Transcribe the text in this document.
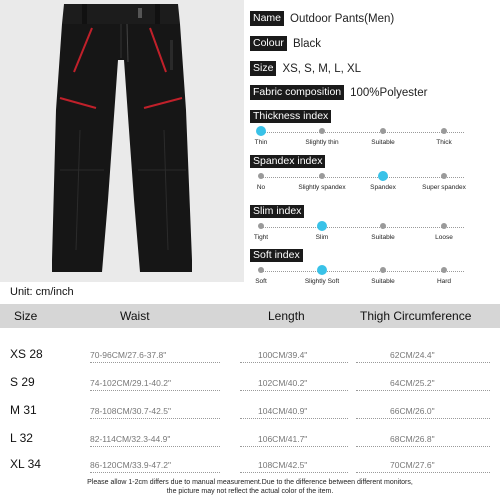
Name Outdoor Pants(Men)
Colour Black
Size XS, S, M, L, XL
Fabric composition 100%Polyester
Thickness index
Thin	Slightly thin	Suitable	Thick
Spandex index
No	Slightly spandex	Spandex	Super spandex
Slim index
Tight	Slim	Suitable	Loose
Soft index
Soft	Slightly Soft	Suitable	Hard
Unit: cm/inch
Size	Waist	Length	Thigh Circumference
XS 28	70-96CM/27.6-37.8"	100CM/39.4"	62CM/24.4"
S 29	74-102CM/29.1-40.2"	102CM/40.2"	64CM/25.2"
M 31	78-108CM/30.7-42.5"	104CM/40.9"	66CM/26.0"
L 32	82-114CM/32.3-44.9"	106CM/41.7"	68CM/26.8"
XL 34	86-120CM/33.9-47.2"	108CM/42.5"	70CM/27.6"
Please allow 1-2cm differs due to manual measurement.Due to the difference between different monitors,
the picture may not reflect the actual color of the item.
